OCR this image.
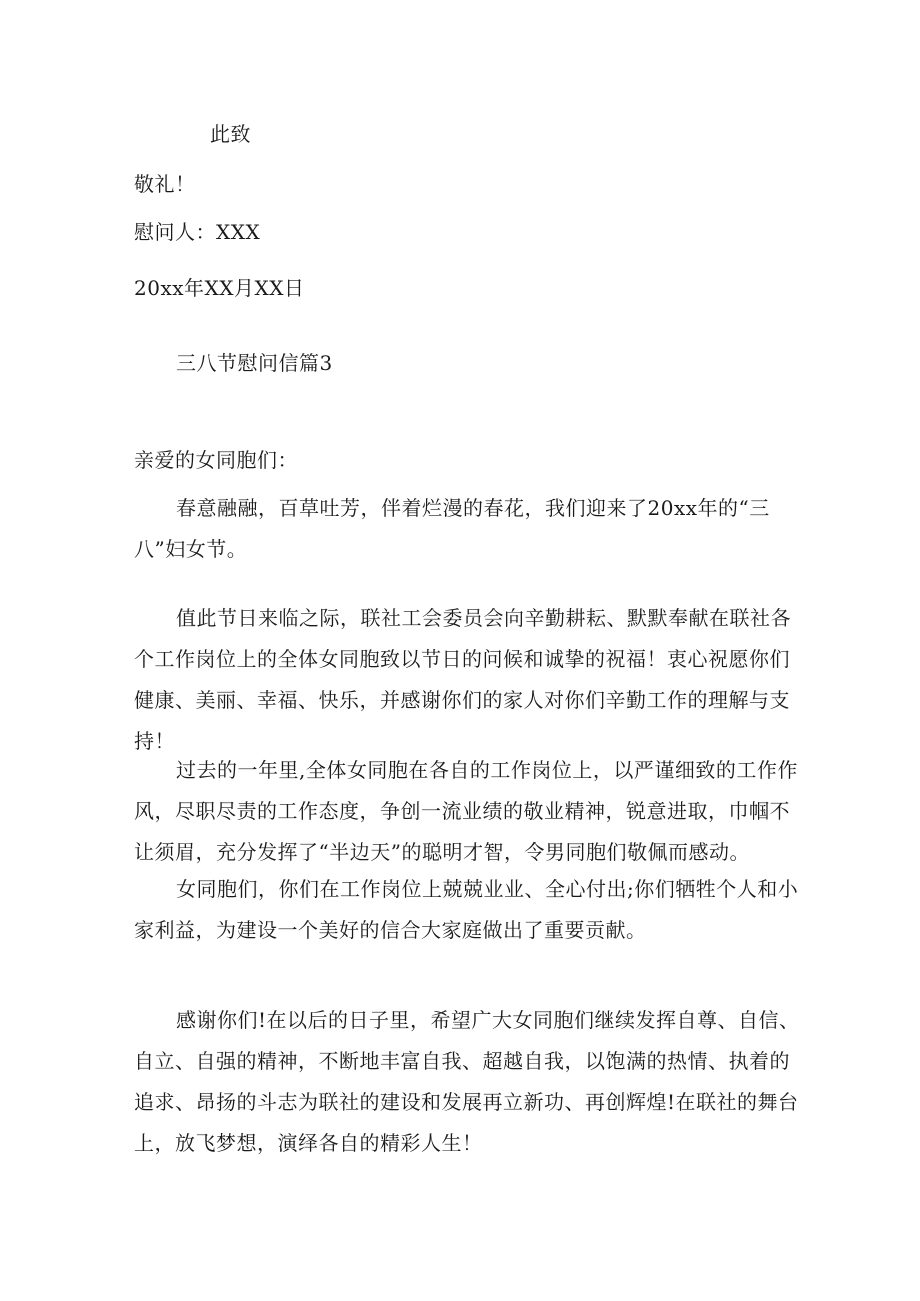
此致
敬礼！
慰问人：XXX
20xx年XX月XX日
三八节慰问信篇3
亲爱的女同胞们：
春意融融，百草吐芳，伴着烂漫的春花，我们迎来了20xx年的“三八”妇女节。
值此节日来临之际，联社工会委员会向辛勤耕耘、默默奉献在联社各个工作岗位上的全体女同胞致以节日的问候和诚挚的祝福！衷心祝愿你们健康、美丽、幸福、快乐，并感谢你们的家人对你们辛勤工作的理解与支持！
过去的一年里,全体女同胞在各自的工作岗位上，以严谨细致的工作作风，尽职尽责的工作态度，争创一流业绩的敬业精神，锐意进取，巾帼不让须眉，充分发挥了“半边天”的聪明才智，令男同胞们敬佩而感动。
女同胞们，你们在工作岗位上兢兢业业、全心付出;你们牺牲个人和小家利益，为建设一个美好的信合大家庭做出了重要贡献。
感谢你们!在以后的日子里，希望广大女同胞们继续发挥自尊、自信、自立、自强的精神，不断地丰富自我、超越自我，以饱满的热情、执着的追求、昂扬的斗志为联社的建设和发展再立新功、再创辉煌!在联社的舞台上，放飞梦想，演绎各自的精彩人生！
